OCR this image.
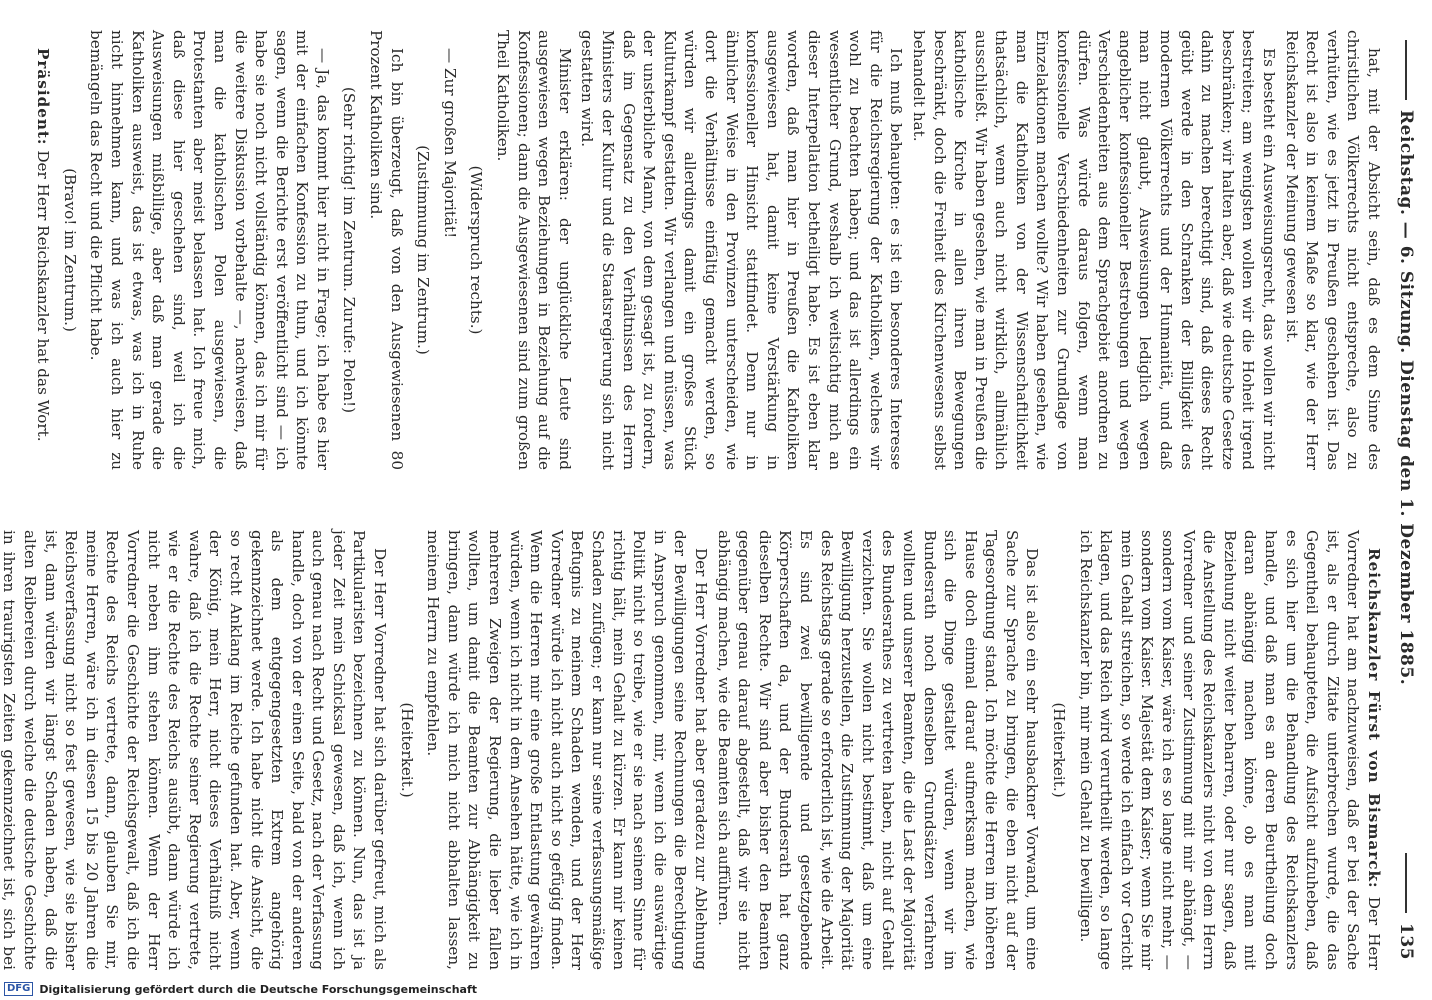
Reichstag. — 6. Sitzung. Dienstag den 1. Dezember 1885.
135

hat, mit der Absicht sein, daß es dem Sinne des christlichen Völkerrechts nicht entspreche, also zu verhüten, wie es jetzt in Preußen geschehen ist. Das Recht ist also in keinem Maße so klar, wie der Herr Reichskanzler der Meinung gewesen ist.

Es besteht ein Ausweisungsrecht, das wollen wir nicht bestreiten; am wenigsten wollen wir die Hoheit irgend beschränken; wir halten aber, daß wie deutsche Gesetze dahin zu machen berechtigt sind, daß dieses Recht geübt werde in den Schranken der Billigkeit des modernen Völkerrechts und der Humanität, und daß man nicht glaubt, Ausweisungen lediglich wegen angeblicher konfessioneller Bestrebungen und wegen Verschiedenheiten aus dem Sprachgebiet anordnen zu dürfen. Was würde daraus folgen, wenn man konfessionelle Verschiedenheiten zur Grundlage von Einzelaktionen machen wollte? Wir haben gesehen, wie man die Katholiken von der Wissenschaftlichkeit thatsächlich, wenn auch nicht wirklich, allmählich ausschließt. Wir haben gesehen, wie man in Preußen die katholische Kirche in allen ihren Bewegungen beschränkt, doch die Freiheit des Kirchenwesens selbst behandelt hat.

Ich muß behaupten: es ist ein besonderes Interesse für die Reichsregierung der Katholiken, welches wir wohl zu beachten haben; und das ist allerdings ein wesentlicher Grund, weshalb ich weitsichtig mich an dieser Interpellation betheiligt habe. Es ist eben klar worden, daß man hier in Preußen die Katholiken ausgewiesen hat, damit keine Verstärkung in konfessioneller Hinsicht stattfindet. Denn nur in ähnlicher Weise in den Provinzen unterscheiden, wie dort die Verhältnisse einfältig gemacht werden, so würden wir allerdings damit ein großes Stück Kulturkampf gestatten. Wir verlangen und müssen, was der unsterbliche Mann, von dem gesagt ist, zu fordern, daß im Gegensatz zu den Verhältnissen des Herrn Ministers der Kultur und die Staatsregierung sich nicht gestatten wird.

Minister erklären: der unglückliche Leute sind ausgewiesen wegen Beziehungen in Beziehung auf die Konfessionen; dann die Ausgewiesenen sind zum großen Theil Katholiken.

(Widerspruch rechts.)

— Zur großen Majorität!

(Zustimmung im Zentrum.)

Ich bin überzeugt, daß von den Ausgewiesenen 80 Prozent Katholiken sind.

(Sehr richtig! im Zentrum. Zurufe: Polen!)

— Ja, das kommt hier nicht in Frage; ich habe es hier mit der einfachen Konfession zu thun, und ich könnte sagen, wenn die Berichte erst veröffentlicht sind — ich habe sie noch nicht vollständig können, das ich mir für die weitere Diskussion vorbehalte —, nachweisen, daß man die katholischen Polen ausgewiesen, die Protestanten aber meist belassen hat. Ich freue mich, daß diese hier geschehen sind, weil ich die Ausweisungen mißbillige, aber daß man gerade die Katholiken ausweist, das ist etwas, was ich in Ruhe nicht hinnehmen kann, und was ich auch hier zu bemängeln das Recht und die Pflicht habe.

(Bravo! im Zentrum.)

Präsident: Der Herr Reichskanzler hat das Wort.

Reichskanzler Fürst von Bismarck: Der Herr Vorredner hat am nachzuweisen, daß er bei der Sache ist, als er durch Zitate unterbrechen wurde, die das Gegentheil behaupteten, die Aufsicht aufzuheben, daß es sich hier um die Behandlung des Reichskanzlers handle, und daß man es an deren Beurtheilung doch daran abhängig machen könne, ob es man mit Beziehung nicht weiter beharren, oder nur sagen, daß die Anstellung des Reichskanzlers nicht von dem Herrn Vorredner und seiner Zustimmung mit mir abhängt, — sondern vom Kaiser, wäre ich es so lange nicht mehr, — sondern vom Kaiser. Majestät dem Kaiser; wenn Sie mir mein Gehalt streichen, so werde ich einfach vor Gericht klagen, und das Reich wird verurtheilt werden, so lange ich Reichskanzler bin, mir mein Gehalt zu bewilligen.

(Heiterkeit.)

Das ist also ein sehr hausbackner Vorwand, um eine Sache zur Sprache zu bringen, die eben nicht auf der Tagesordnung stand. Ich möchte die Herren im höheren Hause doch einmal darauf aufmerksam machen, wie sich die Dinge gestaltet würden, wenn wir im Bundesrath noch denselben Grundsätzen verfahren wollten und unserer Beamten, die die Last der Majorität des Bundesrathes zu vertreten haben, nicht auf Gehalt verzichten. Sie wollen nicht bestimmt, daß um eine Bewilligung herzustellen, die Zustimmung der Majorität des Reichstags gerade so erforderlich ist, wie die Arbeit. Es sind zwei bewilligende und gesetzgebende Körperschaften da, und der Bundesrath hat ganz dieselben Rechte. Wir sind aber bisher den Beamten gegenüber genau darauf abgestellt, daß wir sie nicht abhängig machen, wie die Beamten sich aufführen.

Der Herr Vorredner hat aber geradezu zur Ablehnung der Bewilligungen seine Rechnungen die Berechtigung in Anspruch genommen, mir, wenn ich die auswärtige Politik nicht so treibe, wie er sie nach seinem Sinne für richtig hält, mein Gehalt zu kürzen. Er kann mir keinen Schaden zufügen; er kann nur seine verfassungsmäßige Befugnis zu meinem Schaden wenden, und der Herr Vorredner würde ich nicht auch nicht so gefügig finden. Wenn die Herren mir eine große Entlastung gewähren würden, wenn ich nicht in dem Ansehen hätte, wie ich in mehreren Zweigen der Regierung, die lieber fallen wollten, um damit die Beamten zur Abhängigkeit zu bringen, dann würde ich mich nicht abhalten lassen, meinem Herrn zu empfehlen.

(Heiterkeit.)

Der Herr Vorredner hat sich darüber gefreut, mich als Partikularisten bezeichnen zu können. Nun, das ist ja jeder Zeit mein Schicksal gewesen, daß ich, wenn ich auch genau nach Recht und Gesetz, nach der Verfassung handle, doch von der einen Seite, bald von der anderen als dem entgegengesetzten Extrem angehörig gekennzeichnet werde. Ich habe nicht die Ansicht, die so recht Anklang im Reiche gefunden hat. Aber, wenn der König, mein Herr, nicht dieses Verhältniß nicht wahre, daß ich die Rechte seiner Regierung vertrete, wie er die Rechte des Reichs ausübt, dann würde ich nicht neben ihm stehen können. Wenn der Herr Vorredner die Geschichte der Reichsgewalt, daß ich die Rechte des Reichs vertrete, dann, glauben Sie mir, meine Herren, wäre ich in diesen 15 bis 20 Jahren die Reichsverfassung nicht so fest gewesen, wie sie bisher ist, dann würden wir längst Schaden haben, daß die alten Reibereien durch welche die deutsche Geschichte in ihren traurigsten Zeiten gekennzeichnet ist, sich bei

DFG Digitalisierung gefördert durch die Deutsche Forschungsgemeinschaft
